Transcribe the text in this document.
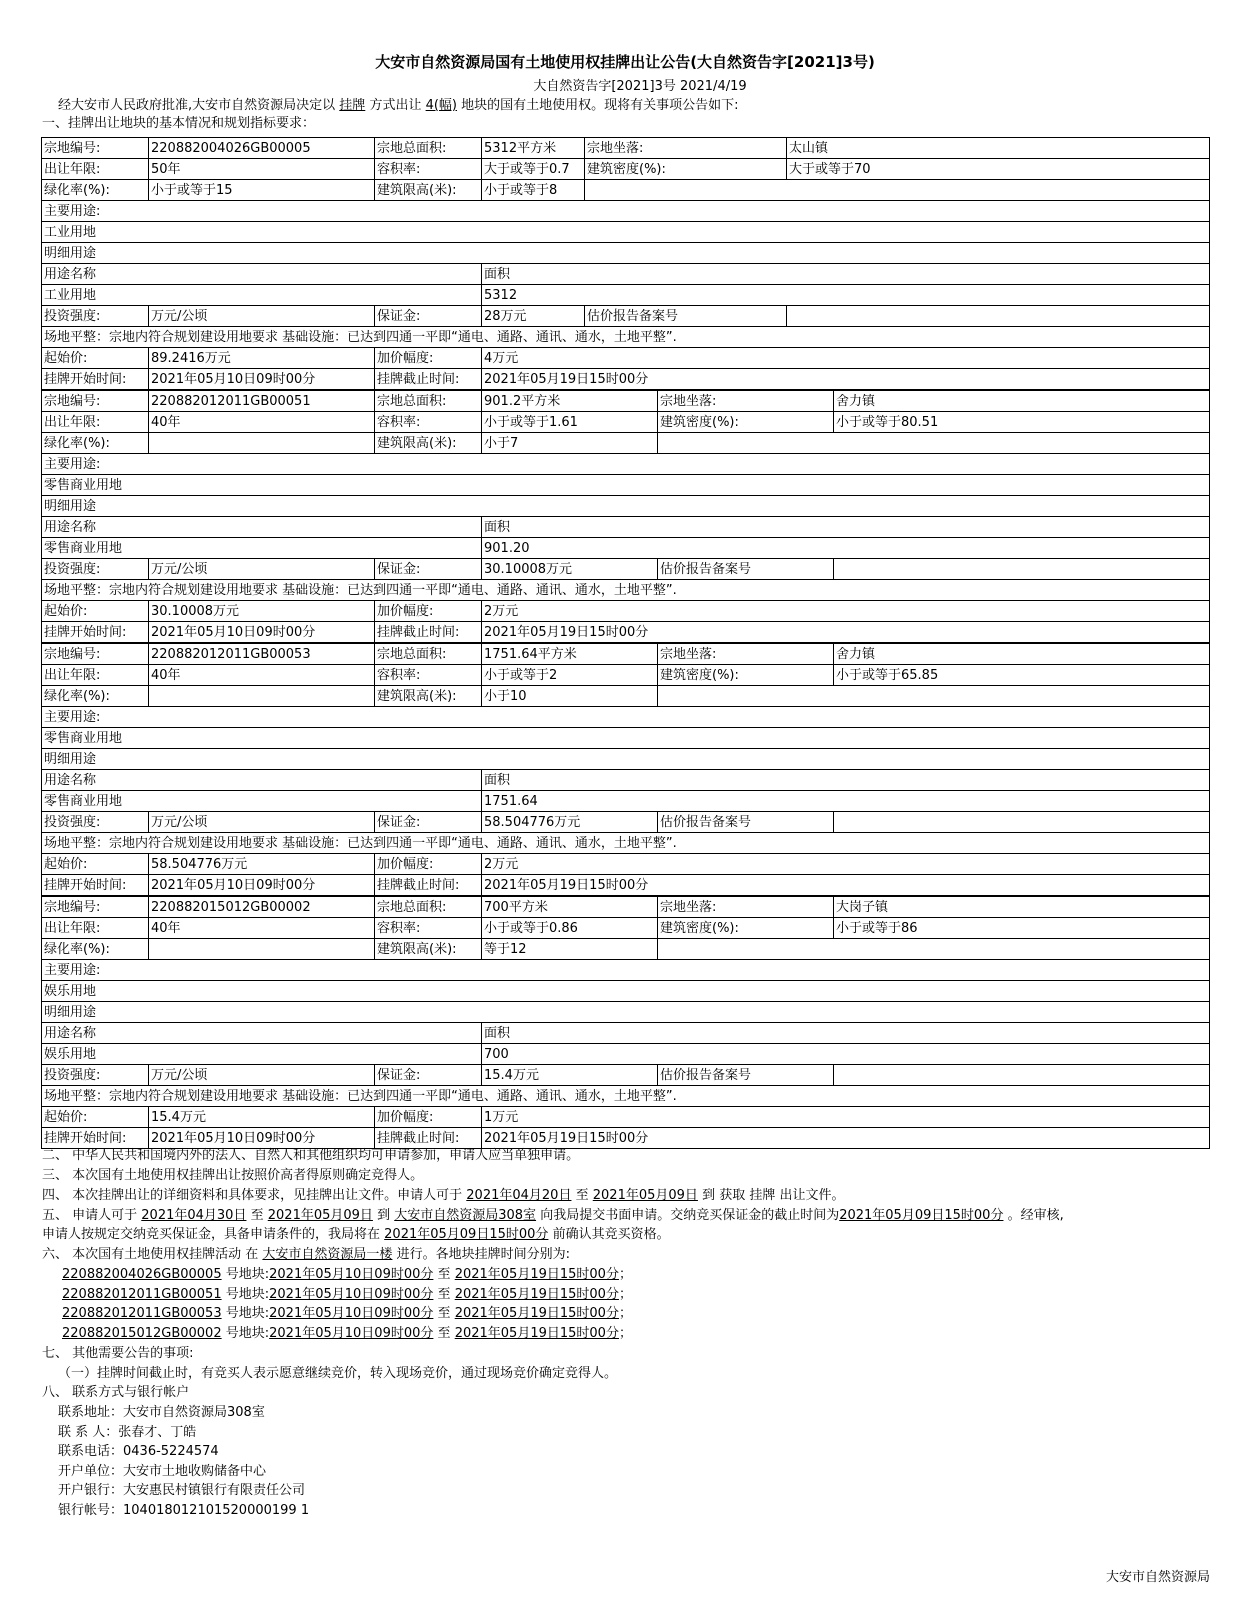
大安市自然资源局国有土地使用权挂牌出让公告(大自然资告字[2021]3号)
大自然资告字[2021]3号 2021/4/19
经大安市人民政府批准,大安市自然资源局决定以 挂牌 方式出让 4(幅) 地块的国有土地使用权。现将有关事项公告如下:
一、挂牌出让地块的基本情况和规划指标要求：
宗地编号:	220882004026GB00005	宗地总面积:	5312平方米	宗地坐落:	太山镇
出让年限:	50年	容积率:	大于或等于0.7	建筑密度(%):	大于或等于70
绿化率(%):	小于或等于15	建筑限高(米):	小于或等于8		
主要用途:					
工业用地					
明细用途					
用途名称			面积		
工业用地			5312		
投资强度:	万元/公顷	保证金:	28万元	估价报告备案号	
场地平整：宗地内符合规划建设用地要求 基础设施：已达到四通一平即“通电、通路、通讯、通水，土地平整”.					
起始价:	89.2416万元	加价幅度:	4万元		
挂牌开始时间:	2021年05月10日09时00分	挂牌截止时间:	2021年05月19日15时00分		
宗地编号:	220882012011GB00051	宗地总面积:	901.2平方米	宗地坐落:	舍力镇
出让年限:	40年	容积率:	小于或等于1.61	建筑密度(%):	小于或等于80.51
绿化率(%):		建筑限高(米):	小于7		
主要用途:					
零售商业用地					
明细用途					
用途名称			面积		
零售商业用地			901.20		
投资强度:	万元/公顷	保证金:	30.10008万元	估价报告备案号	
场地平整：宗地内符合规划建设用地要求 基础设施：已达到四通一平即“通电、通路、通讯、通水，土地平整”.					
起始价:	30.10008万元	加价幅度:	2万元		
挂牌开始时间:	2021年05月10日09时00分	挂牌截止时间:	2021年05月19日15时00分		
宗地编号:	220882012011GB00053	宗地总面积:	1751.64平方米	宗地坐落:	舍力镇
出让年限:	40年	容积率:	小于或等于2	建筑密度(%):	小于或等于65.85
绿化率(%):		建筑限高(米):	小于10		
主要用途:					
零售商业用地					
明细用途					
用途名称			面积		
零售商业用地			1751.64		
投资强度:	万元/公顷	保证金:	58.504776万元	估价报告备案号	
场地平整：宗地内符合规划建设用地要求 基础设施：已达到四通一平即“通电、通路、通讯、通水，土地平整”.					
起始价:	58.504776万元	加价幅度:	2万元		
挂牌开始时间:	2021年05月10日09时00分	挂牌截止时间:	2021年05月19日15时00分		
宗地编号:	220882015012GB00002	宗地总面积:	700平方米	宗地坐落:	大岗子镇
出让年限:	40年	容积率:	小于或等于0.86	建筑密度(%):	小于或等于86
绿化率(%):		建筑限高(米):	等于12		
主要用途:					
娱乐用地					
明细用途					
用途名称			面积		
娱乐用地			700		
投资强度:	万元/公顷	保证金:	15.4万元	估价报告备案号	
场地平整：宗地内符合规划建设用地要求 基础设施：已达到四通一平即“通电、通路、通讯、通水，土地平整”.					
起始价:	15.4万元	加价幅度:	1万元		
挂牌开始时间:	2021年05月10日09时00分	挂牌截止时间:	2021年05月19日15时00分		
二、 中华人民共和国境内外的法人、自然人和其他组织均可申请参加，申请人应当单独申请。
三、 本次国有土地使用权挂牌出让按照价高者得原则确定竞得人。
四、 本次挂牌出让的详细资料和具体要求，见挂牌出让文件。申请人可于 2021年04月20日 至 2021年05月09日 到 获取 挂牌 出让文件。
五、 申请人可于 2021年04月30日 至 2021年05月09日 到 大安市自然资源局308室 向我局提交书面申请。交纳竞买保证金的截止时间为2021年05月09日15时00分 。经审核,
申请人按规定交纳竞买保证金，具备申请条件的，我局将在 2021年05月09日15时00分 前确认其竞买资格。
六、 本次国有土地使用权挂牌活动 在 大安市自然资源局一楼 进行。各地块挂牌时间分别为:
220882004026GB00005 号地块:2021年05月10日09时00分 至 2021年05月19日15时00分；
220882012011GB00051 号地块:2021年05月10日09时00分 至 2021年05月19日15时00分；
220882012011GB00053 号地块:2021年05月10日09时00分 至 2021年05月19日15时00分；
220882015012GB00002 号地块:2021年05月10日09时00分 至 2021年05月19日15时00分；
七、 其他需要公告的事项:
（一）挂牌时间截止时，有竞买人表示愿意继续竞价，转入现场竞价，通过现场竞价确定竞得人。
八、 联系方式与银行帐户
联系地址：大安市自然资源局308室
联 系 人：张春才、丁皓
联系电话：0436-5224574
开户单位：大安市土地收购储备中心
开户银行：大安惠民村镇银行有限责任公司
银行帐号：104018012101520000199 1
大安市自然资源局
